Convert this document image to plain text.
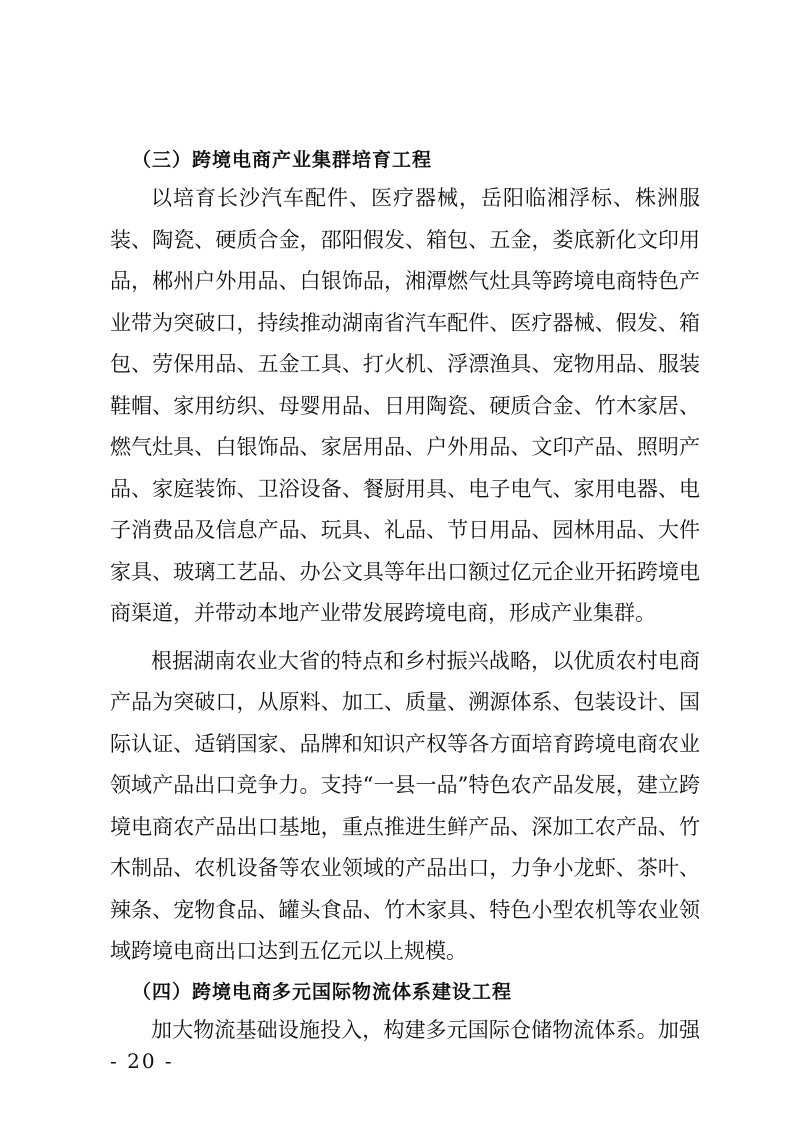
（三）跨境电商产业集群培育工程
以培育长沙汽车配件、医疗器械，岳阳临湘浮标、株洲服
装、陶瓷、硬质合金，邵阳假发、箱包、五金，娄底新化文印用
品，郴州户外用品、白银饰品，湘潭燃气灶具等跨境电商特色产
业带为突破口，持续推动湖南省汽车配件、医疗器械、假发、箱
包、劳保用品、五金工具、打火机、浮漂渔具、宠物用品、服装
鞋帽、家用纺织、母婴用品、日用陶瓷、硬质合金、竹木家居、
燃气灶具、白银饰品、家居用品、户外用品、文印产品、照明产
品、家庭装饰、卫浴设备、餐厨用具、电子电气、家用电器、电
子消费品及信息产品、玩具、礼品、节日用品、园林用品、大件
家具、玻璃工艺品、办公文具等年出口额过亿元企业开拓跨境电
商渠道，并带动本地产业带发展跨境电商，形成产业集群。
根据湖南农业大省的特点和乡村振兴战略，以优质农村电商
产品为突破口，从原料、加工、质量、溯源体系、包装设计、国
际认证、适销国家、品牌和知识产权等各方面培育跨境电商农业
领域产品出口竞争力。支持“一县一品”特色农产品发展，建立跨
境电商农产品出口基地，重点推进生鲜产品、深加工农产品、竹
木制品、农机设备等农业领域的产品出口，力争小龙虾、茶叶、
辣条、宠物食品、罐头食品、竹木家具、特色小型农机等农业领
域跨境电商出口达到五亿元以上规模。
（四）跨境电商多元国际物流体系建设工程
加大物流基础设施投入，构建多元国际仓储物流体系。加强
- 20 -
